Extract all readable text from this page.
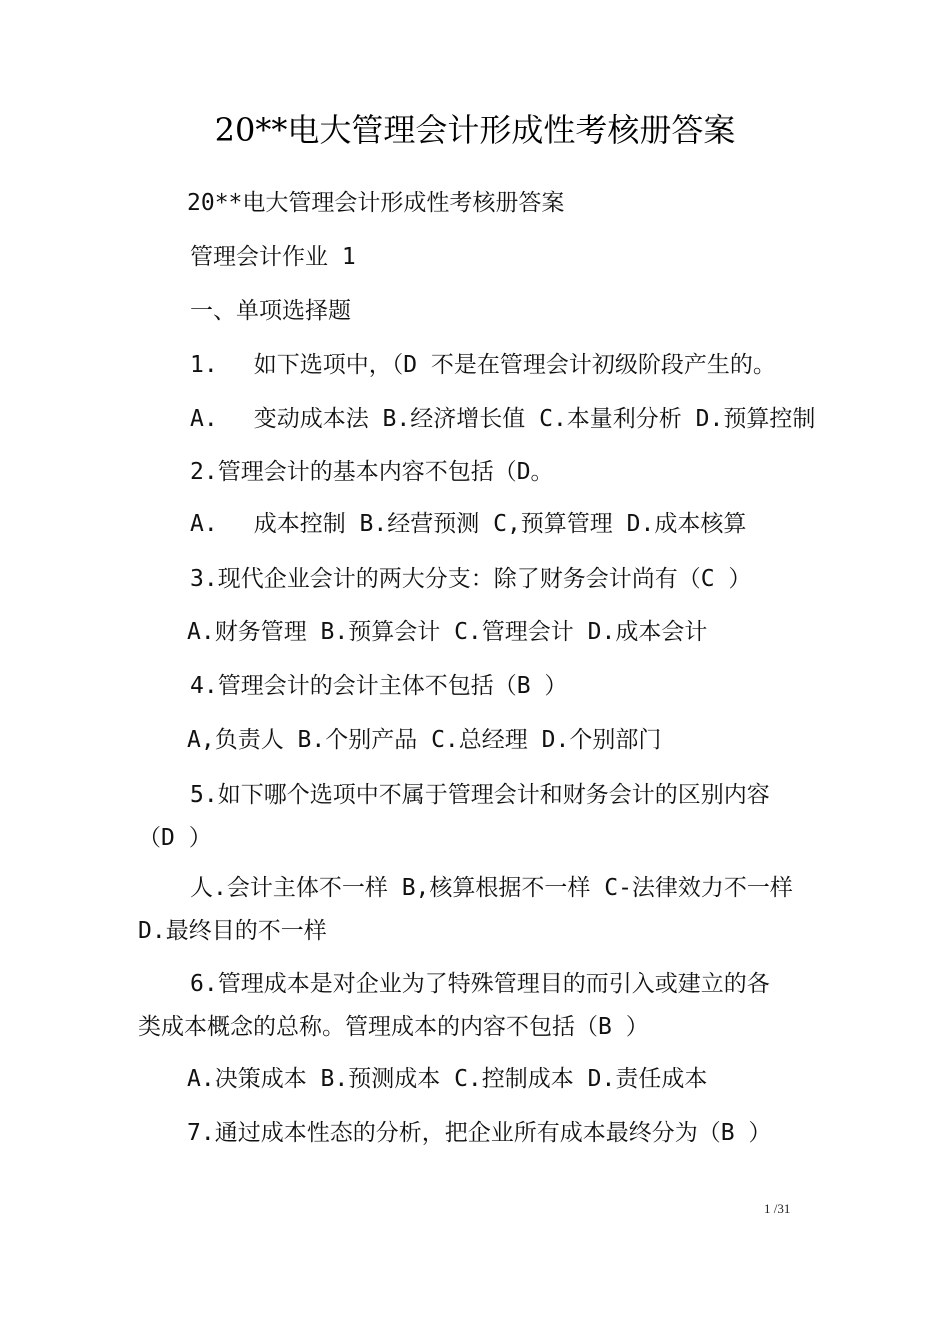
20**电大管理会计形成性考核册答案
20**电大管理会计形成性考核册答案
管理会计作业 1
一、单项选择题
1. 如下选项中，（D 不是在管理会计初级阶段产生的。
A. 变动成本法 B.经济增长值 C.本量利分析 D.预算控制
2.管理会计的基本内容不包括（D。
A. 成本控制 B.经营预测 C,预算管理 D.成本核算
3.现代企业会计的两大分支：除了财务会计尚有（C ）
A.财务管理 B.预算会计 C.管理会计 D.成本会计
4.管理会计的会计主体不包括（B ）
A,负责人 B.个别产品 C.总经理 D.个别部门
5.如下哪个选项中不属于管理会计和财务会计的区别内容
（D ）
人.会计主体不一样 B,核算根据不一样 C-法律效力不一样
D.最终目的不一样
6.管理成本是对企业为了特殊管理目的而引入或建立的各
类成本概念的总称。管理成本的内容不包括（B ）
A.决策成本 B.预测成本 C.控制成本 D.责任成本
7.通过成本性态的分析，把企业所有成本最终分为（B ）
1 /31
